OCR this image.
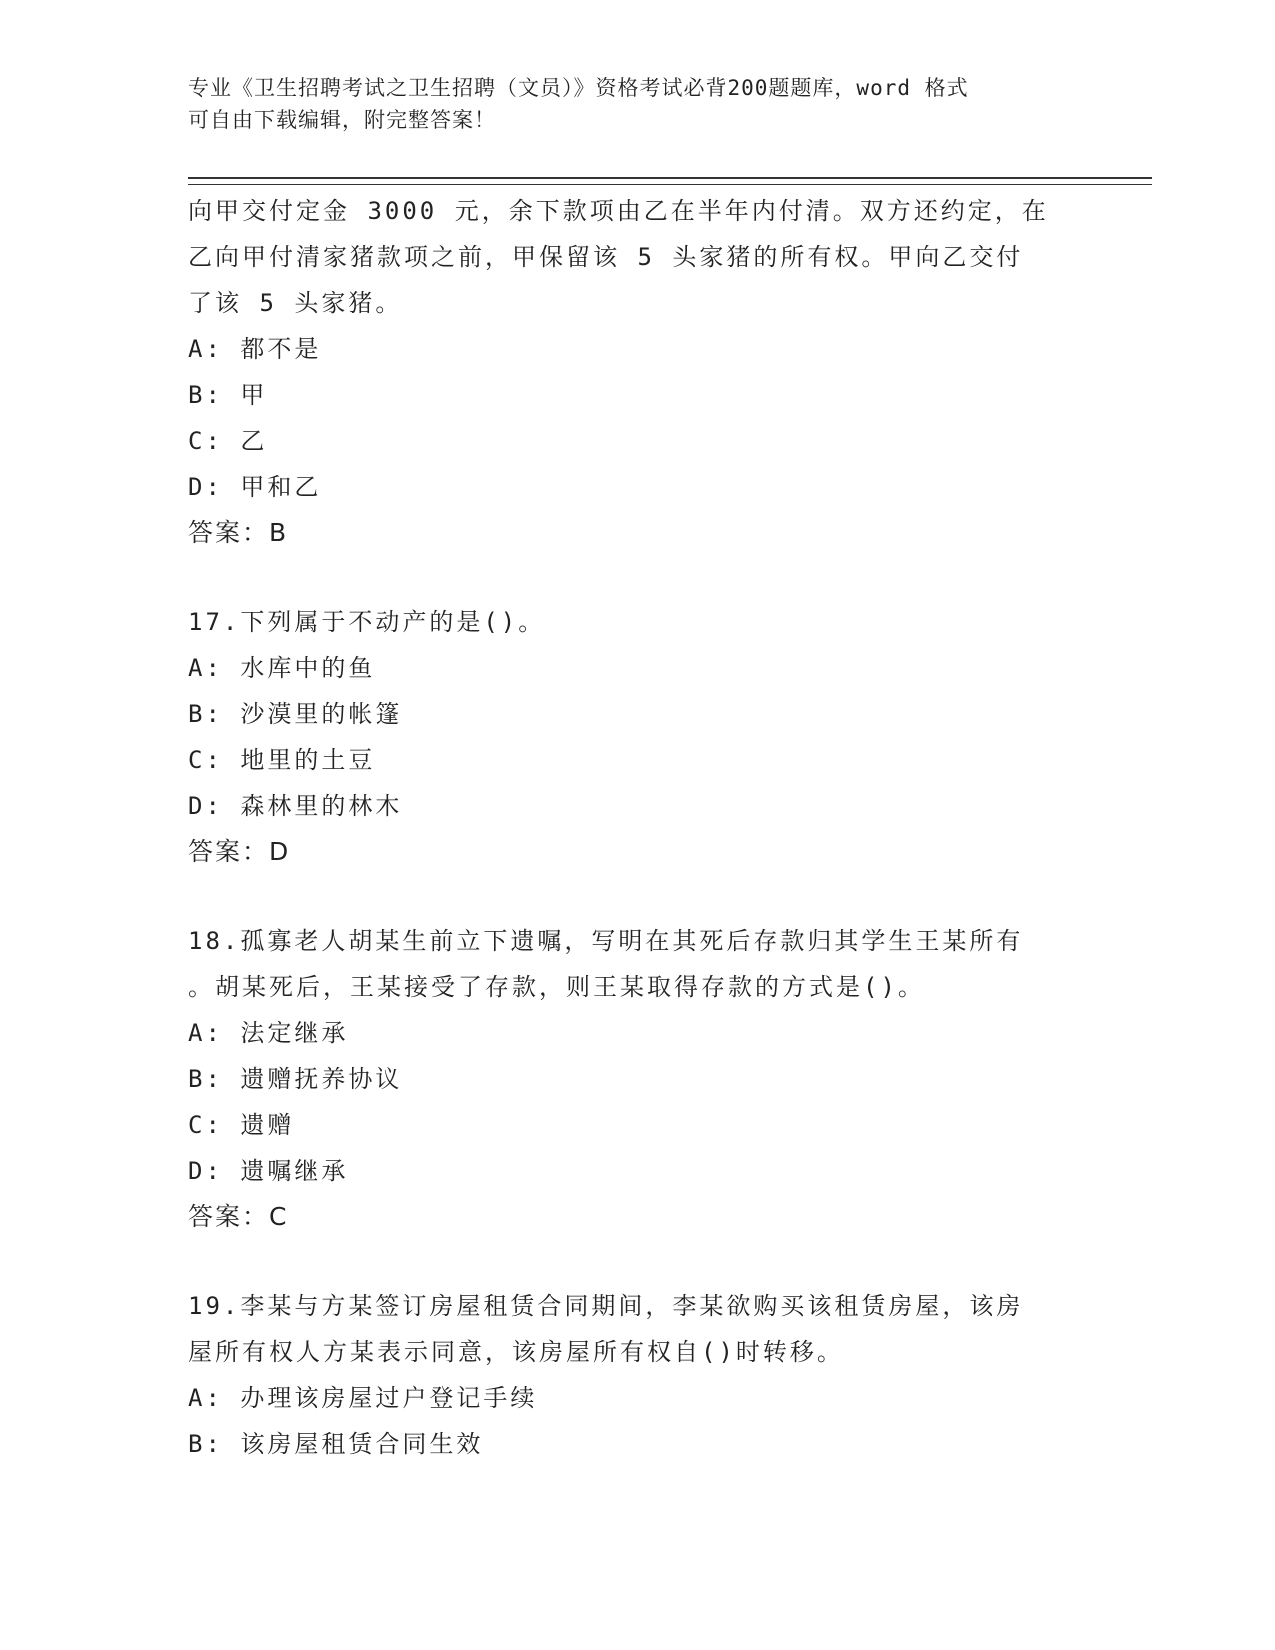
专业《卫生招聘考试之卫生招聘（文员）》资格考试必背200题题库，word 格式
可自由下载编辑，附完整答案！
向甲交付定金 3000 元，余下款项由乙在半年内付清。双方还约定，在
乙向甲付清家猪款项之前，甲保留该 5 头家猪的所有权。甲向乙交付
了该 5 头家猪。
A: 都不是
B: 甲
C: 乙
D: 甲和乙
答案：B
17.下列属于不动产的是()。
A: 水库中的鱼
B: 沙漠里的帐篷
C: 地里的土豆
D: 森林里的林木
答案：D
18.孤寡老人胡某生前立下遗嘱，写明在其死后存款归其学生王某所有
。胡某死后，王某接受了存款，则王某取得存款的方式是()。
A: 法定继承
B: 遗赠抚养协议
C: 遗赠
D: 遗嘱继承
答案：C
19.李某与方某签订房屋租赁合同期间，李某欲购买该租赁房屋，该房
屋所有权人方某表示同意，该房屋所有权自()时转移。
A: 办理该房屋过户登记手续
B: 该房屋租赁合同生效
